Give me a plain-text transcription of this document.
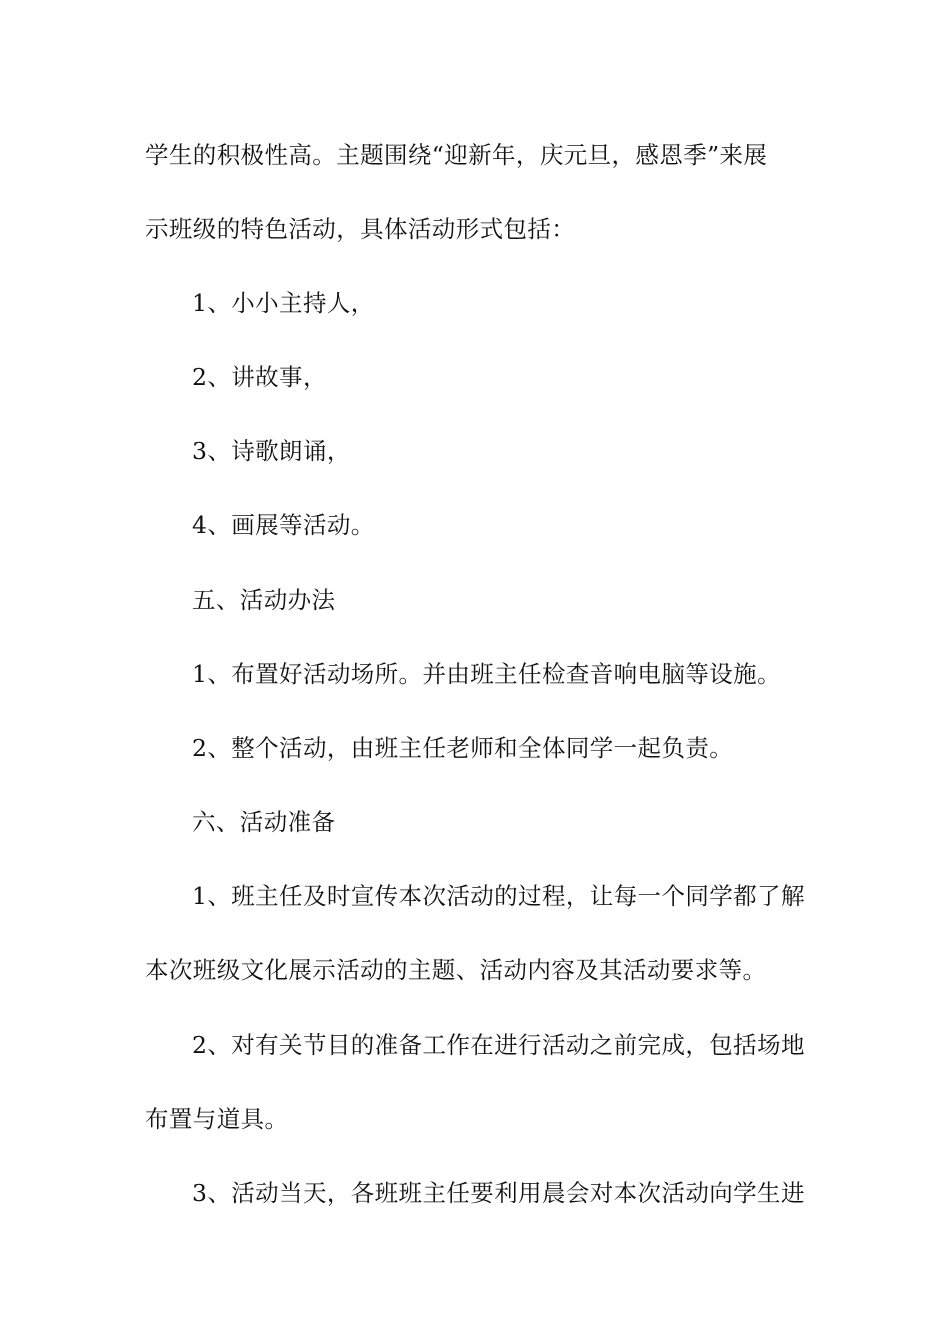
学生的积极性高。主题围绕“迎新年，庆元旦，感恩季”来展
示班级的特色活动，具体活动形式包括：
1、小小主持人，
2、讲故事，
3、诗歌朗诵，
4、画展等活动。
五、活动办法
1、布置好活动场所。并由班主任检查音响电脑等设施。
2、整个活动，由班主任老师和全体同学一起负责。
六、活动准备
1、班主任及时宣传本次活动的过程，让每一个同学都了解
本次班级文化展示活动的主题、活动内容及其活动要求等。
2、对有关节目的准备工作在进行活动之前完成，包括场地
布置与道具。
3、活动当天，各班班主任要利用晨会对本次活动向学生进
